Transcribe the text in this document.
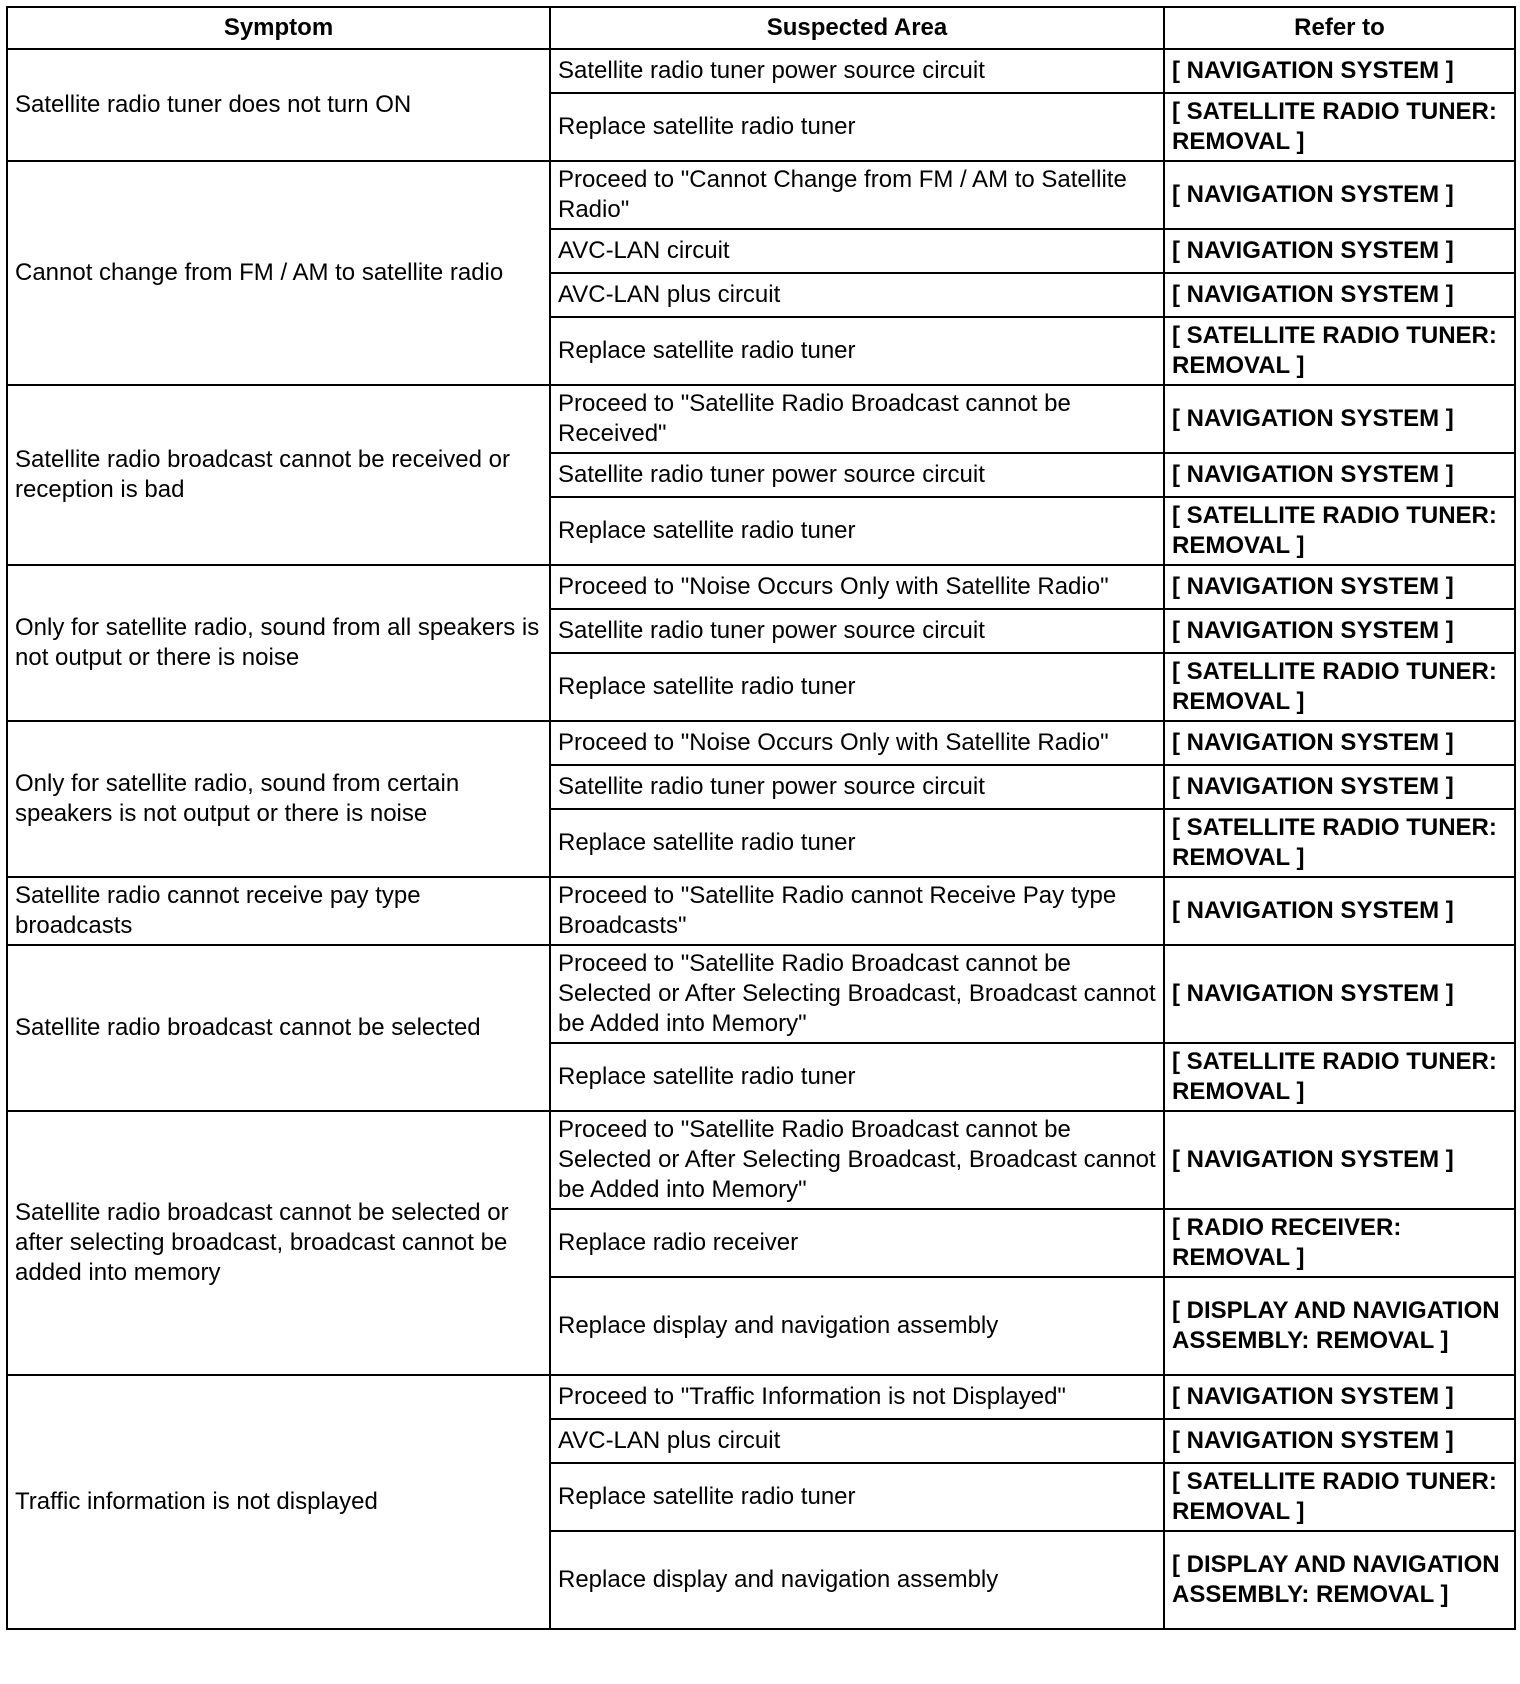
Symptom	Suspected Area	Refer to
Satellite radio tuner does not turn ON	Satellite radio tuner power source circuit	[ NAVIGATION SYSTEM ]
	Replace satellite radio tuner	[ SATELLITE RADIO TUNER: REMOVAL ]
Cannot change from FM / AM to satellite radio	Proceed to "Cannot Change from FM / AM to Satellite Radio"	[ NAVIGATION SYSTEM ]
	AVC-LAN circuit	[ NAVIGATION SYSTEM ]
	AVC-LAN plus circuit	[ NAVIGATION SYSTEM ]
	Replace satellite radio tuner	[ SATELLITE RADIO TUNER: REMOVAL ]
Satellite radio broadcast cannot be received or reception is bad	Proceed to "Satellite Radio Broadcast cannot be Received"	[ NAVIGATION SYSTEM ]
	Satellite radio tuner power source circuit	[ NAVIGATION SYSTEM ]
	Replace satellite radio tuner	[ SATELLITE RADIO TUNER: REMOVAL ]
Only for satellite radio, sound from all speakers is not output or there is noise	Proceed to "Noise Occurs Only with Satellite Radio"	[ NAVIGATION SYSTEM ]
	Satellite radio tuner power source circuit	[ NAVIGATION SYSTEM ]
	Replace satellite radio tuner	[ SATELLITE RADIO TUNER: REMOVAL ]
Only for satellite radio, sound from certain speakers is not output or there is noise	Proceed to "Noise Occurs Only with Satellite Radio"	[ NAVIGATION SYSTEM ]
	Satellite radio tuner power source circuit	[ NAVIGATION SYSTEM ]
	Replace satellite radio tuner	[ SATELLITE RADIO TUNER: REMOVAL ]
Satellite radio cannot receive pay type broadcasts	Proceed to "Satellite Radio cannot Receive Pay type Broadcasts"	[ NAVIGATION SYSTEM ]
Satellite radio broadcast cannot be selected	Proceed to "Satellite Radio Broadcast cannot be Selected or After Selecting Broadcast, Broadcast cannot be Added into Memory"	[ NAVIGATION SYSTEM ]
	Replace satellite radio tuner	[ SATELLITE RADIO TUNER: REMOVAL ]
Satellite radio broadcast cannot be selected or after selecting broadcast, broadcast cannot be added into memory	Proceed to "Satellite Radio Broadcast cannot be Selected or After Selecting Broadcast, Broadcast cannot be Added into Memory"	[ NAVIGATION SYSTEM ]
	Replace radio receiver	[ RADIO RECEIVER: REMOVAL ]
	Replace display and navigation assembly	[ DISPLAY AND NAVIGATION ASSEMBLY: REMOVAL ]
Traffic information is not displayed	Proceed to "Traffic Information is not Displayed"	[ NAVIGATION SYSTEM ]
	AVC-LAN plus circuit	[ NAVIGATION SYSTEM ]
	Replace satellite radio tuner	[ SATELLITE RADIO TUNER: REMOVAL ]
	Replace display and navigation assembly	[ DISPLAY AND NAVIGATION ASSEMBLY: REMOVAL ]
